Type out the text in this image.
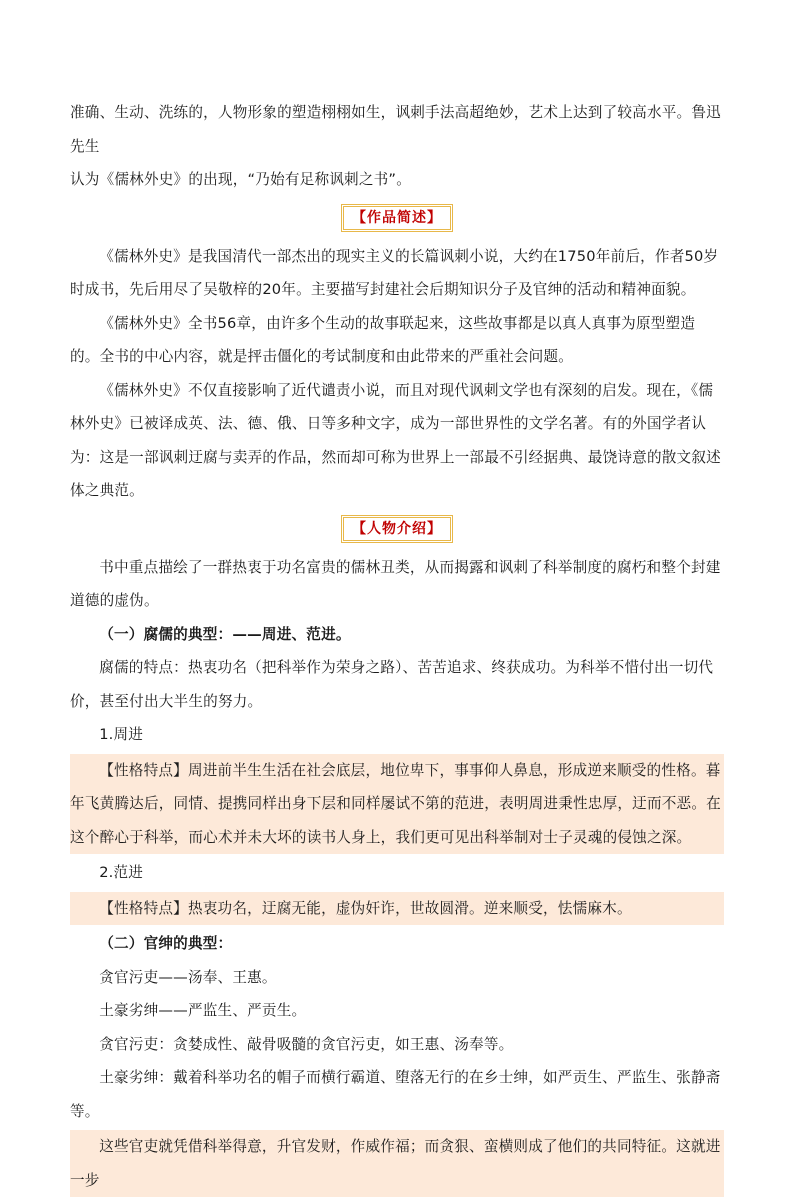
准确、生动、洗练的，人物形象的塑造栩栩如生，讽刺手法高超绝妙，艺术上达到了较高水平。鲁迅先生

认为《儒林外史》的出现，“乃始有足称讽刺之书”。

【作品简述】

《儒林外史》是我国清代一部杰出的现实主义的长篇讽刺小说，大约在1750年前后，作者50岁时成书，先后用尽了吴敬梓的20年。主要描写封建社会后期知识分子及官绅的活动和精神面貌。

《儒林外史》全书56章，由许多个生动的故事联起来，这些故事都是以真人真事为原型塑造的。全书的中心内容，就是抨击僵化的考试制度和由此带来的严重社会问题。

《儒林外史》不仅直接影响了近代谴责小说，而且对现代讽刺文学也有深刻的启发。现在，《儒林外史》已被译成英、法、德、俄、日等多种文字，成为一部世界性的文学名著。有的外国学者认为：这是一部讽刺迂腐与卖弄的作品，然而却可称为世界上一部最不引经据典、最饶诗意的散文叙述体之典范。

【人物介绍】

书中重点描绘了一群热衷于功名富贵的儒林丑类，从而揭露和讽刺了科举制度的腐朽和整个封建道德的虚伪。

（一）腐儒的典型：——周进、范进。

腐儒的特点：热衷功名（把科举作为荣身之路）、苦苦追求、终获成功。为科举不惜付出一切代价，甚至付出大半生的努力。

1.周进

【性格特点】周进前半生生活在社会底层，地位卑下，事事仰人鼻息，形成逆来顺受的性格。暮年飞黄腾达后，同情、提携同样出身下层和同样屡试不第的范进，表明周进秉性忠厚，迂而不恶。在这个醉心于科举，而心术并未大坏的读书人身上，我们更可见出科举制对士子灵魂的侵蚀之深。

2.范进

【性格特点】热衷功名，迂腐无能，虚伪奸诈，世故圆滑。逆来顺受，怯懦麻木。

（二）官绅的典型：

贪官污吏——汤奉、王惠。

土豪劣绅——严监生、严贡生。

贪官污吏：贪婪成性、敲骨吸髓的贪官污吏，如王惠、汤奉等。

土豪劣绅：戴着科举功名的帽子而横行霸道、堕落无行的在乡士绅，如严贡生、严监生、张静斋等。

这些官吏就凭借科举得意，升官发财，作威作福；而贪狠、蛮横则成了他们的共同特征。这就进一步
